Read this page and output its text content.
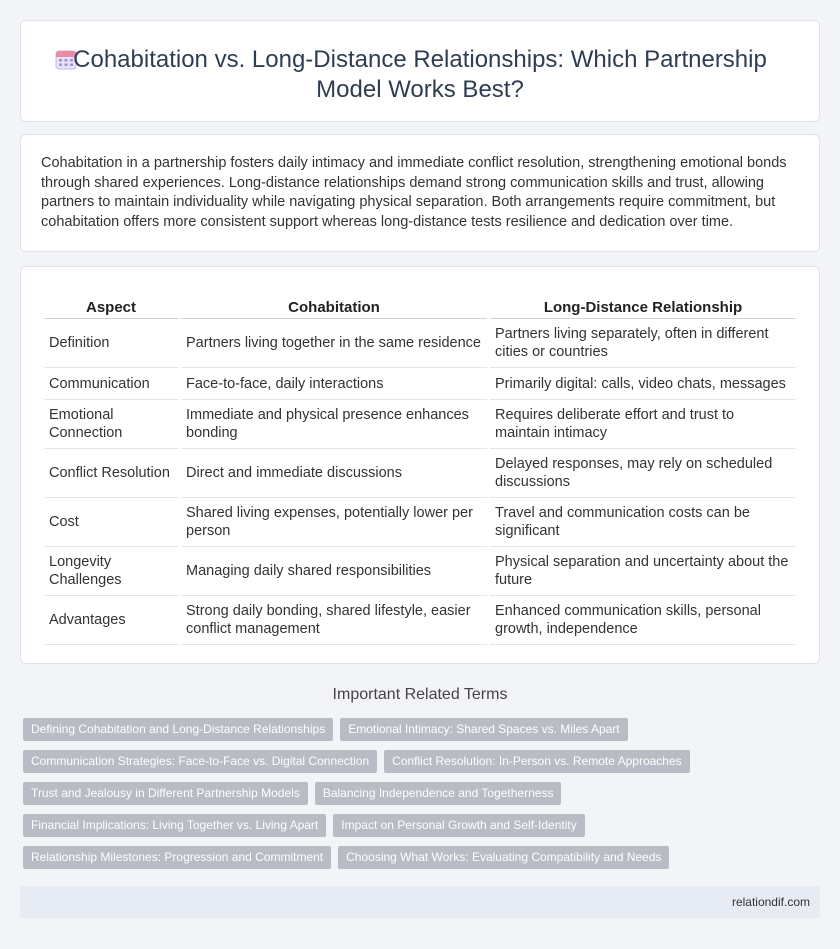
Cohabitation vs. Long-Distance Relationships: Which Partnership Model Works Best?

Cohabitation in a partnership fosters daily intimacy and immediate conflict resolution, strengthening emotional bonds through shared experiences. Long-distance relationships demand strong communication skills and trust, allowing partners to maintain individuality while navigating physical separation. Both arrangements require commitment, but cohabitation offers more consistent support whereas long-distance tests resilience and dedication over time.

Aspect	Cohabitation	Long-Distance Relationship
Definition	Partners living together in the same residence	Partners living separately, often in different cities or countries
Communication	Face-to-face, daily interactions	Primarily digital: calls, video chats, messages
Emotional Connection	Immediate and physical presence enhances bonding	Requires deliberate effort and trust to maintain intimacy
Conflict Resolution	Direct and immediate discussions	Delayed responses, may rely on scheduled discussions
Cost	Shared living expenses, potentially lower per person	Travel and communication costs can be significant
Longevity Challenges	Managing daily shared responsibilities	Physical separation and uncertainty about the future
Advantages	Strong daily bonding, shared lifestyle, easier conflict management	Enhanced communication skills, personal growth, independence
Important Related Terms
Defining Cohabitation and Long-Distance Relationships	Emotional Intimacy: Shared Spaces vs. Miles Apart
Communication Strategies: Face-to-Face vs. Digital Connection	Conflict Resolution: In-Person vs. Remote Approaches
Trust and Jealousy in Different Partnership Models	Balancing Independence and Togetherness
Financial Implications: Living Together vs. Living Apart	Impact on Personal Growth and Self-Identity
Relationship Milestones: Progression and Commitment	Choosing What Works: Evaluating Compatibility and Needs
relationdif.com
